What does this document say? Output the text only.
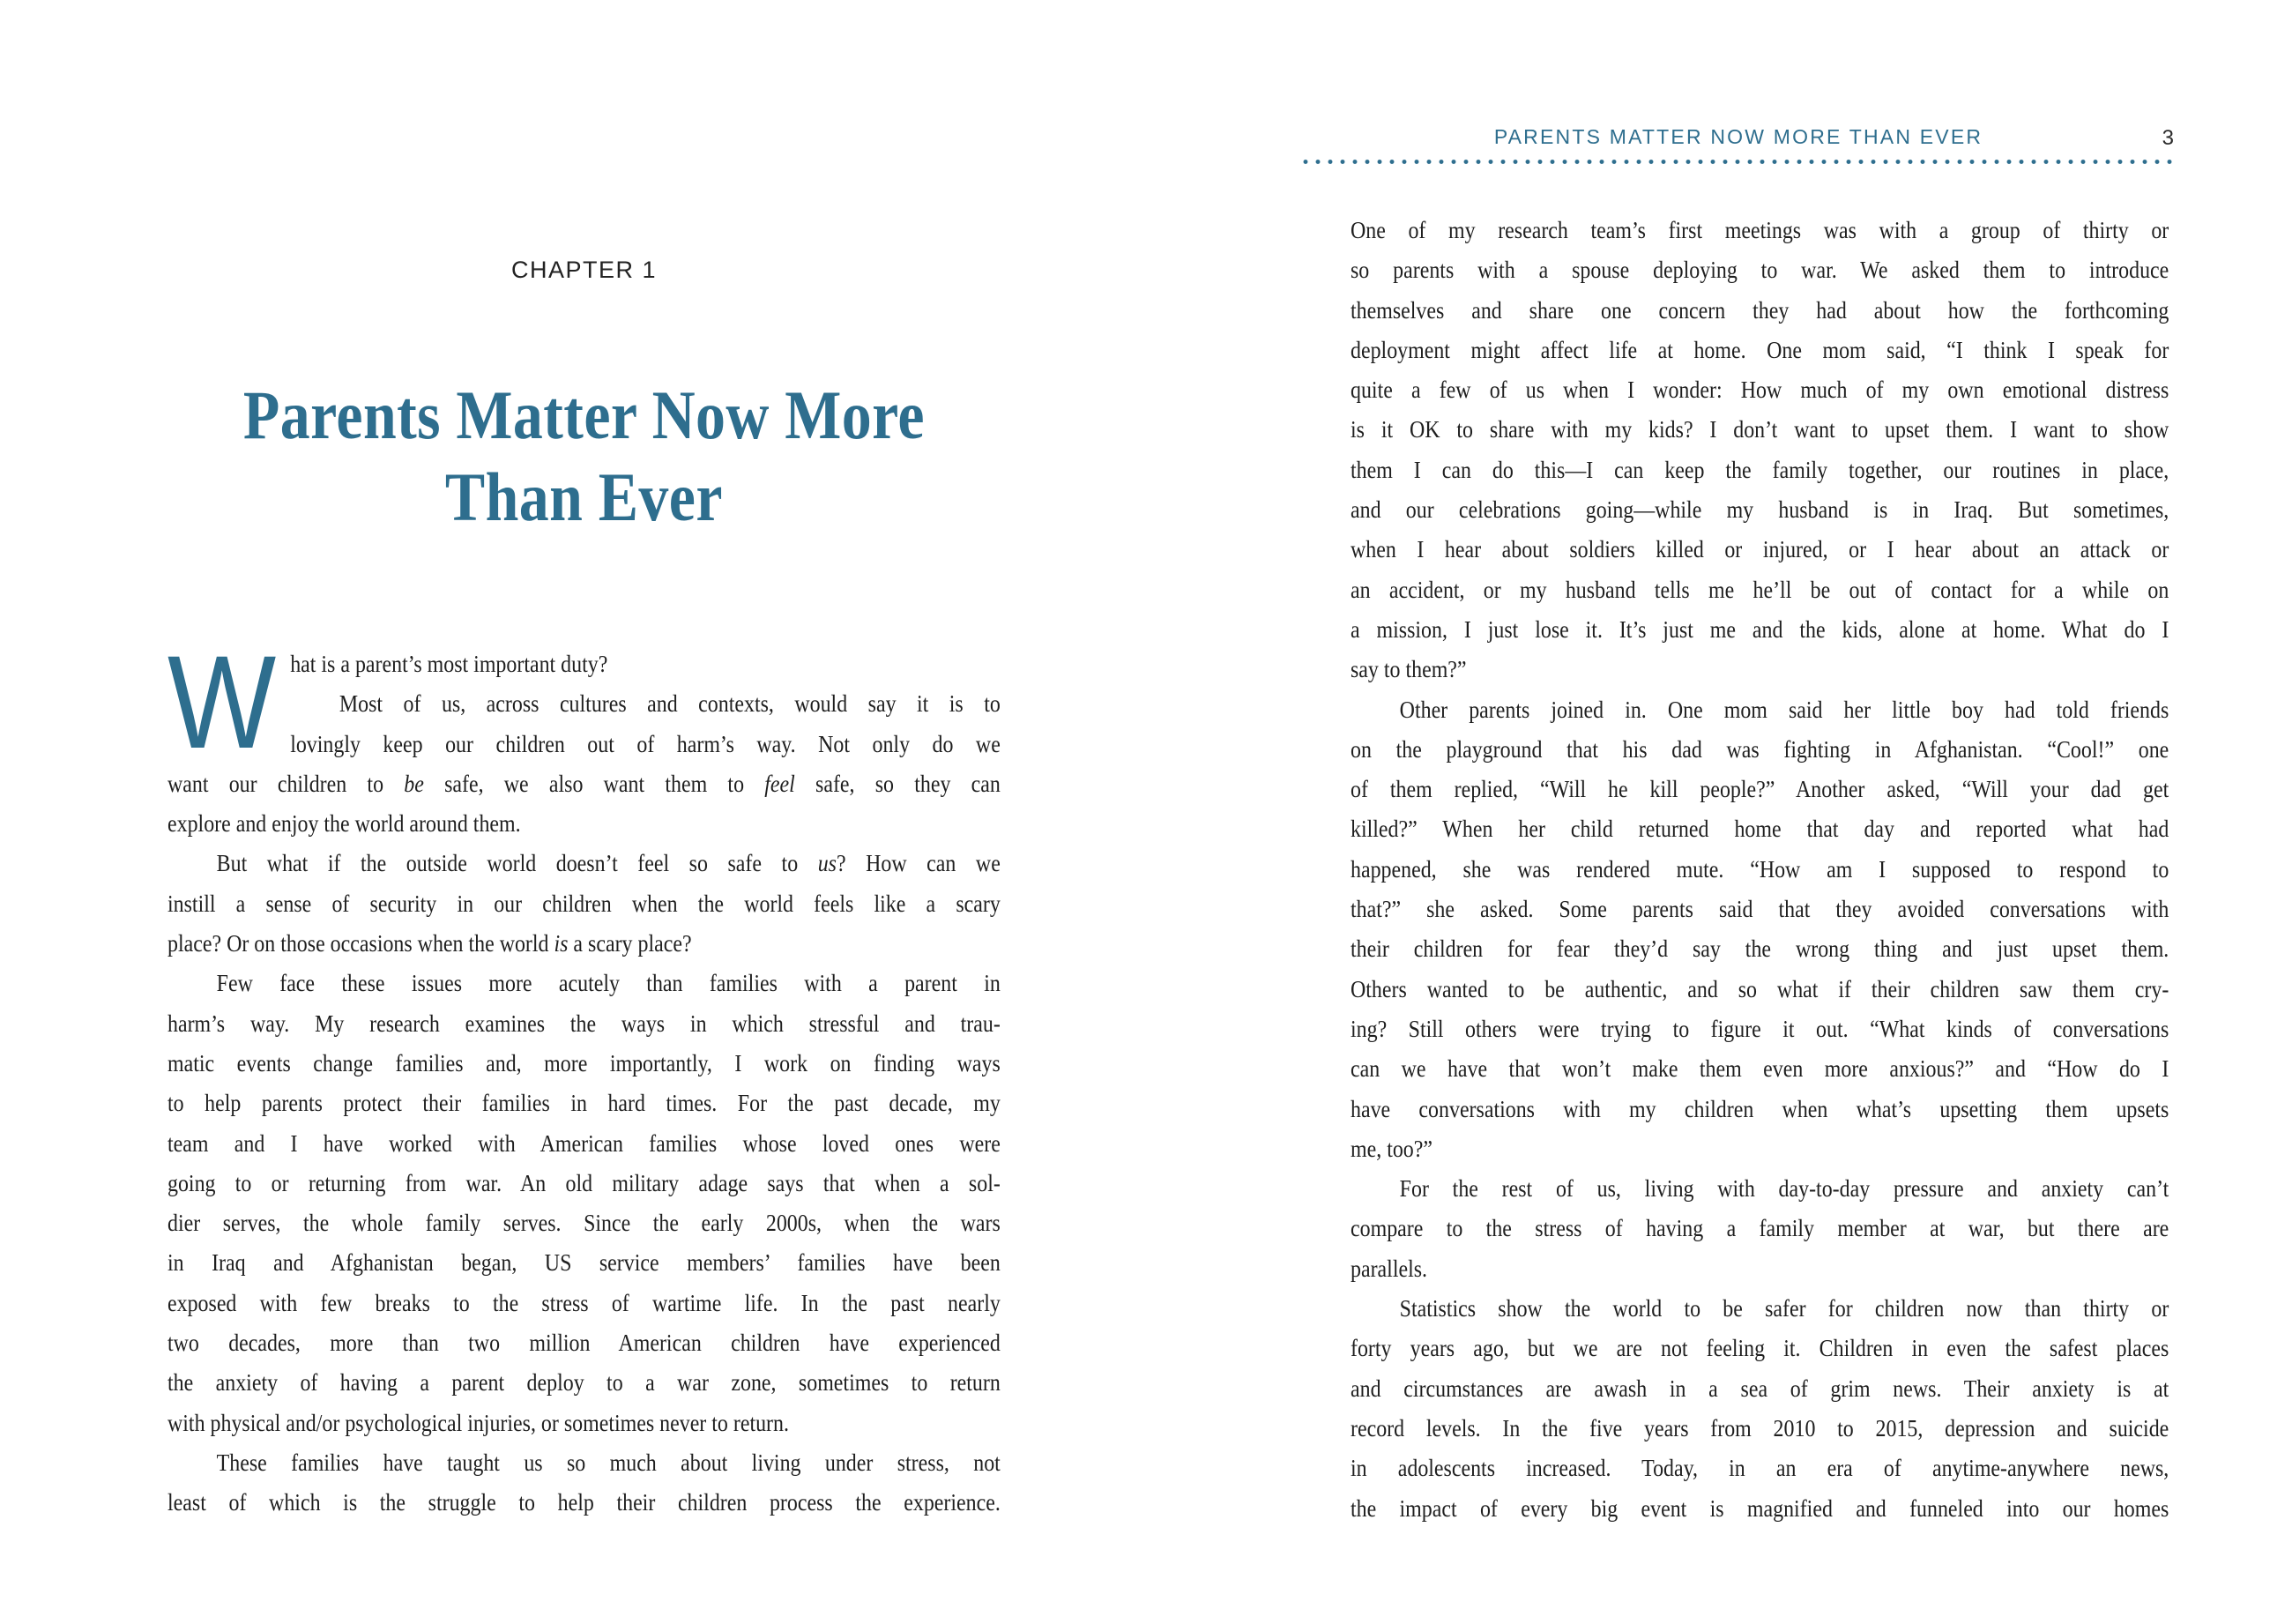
CHAPTER 1
Parents Matter Now More
Than Ever
W hat is a parent’s most important duty?
Most of us, across cultures and contexts, would say it is to
lovingly keep our children out of harm’s way. Not only do we
want our children to be safe, we also want them to feel safe, so they can
explore and enjoy the world around them.
But what if the outside world doesn’t feel so safe to us? How can we
instill a sense of security in our children when the world feels like a scary
place? Or on those occasions when the world is a scary place?
Few face these issues more acutely than families with a parent in
harm’s way. My research examines the ways in which stressful and trau-
matic events change families and, more importantly, I work on finding ways
to help parents protect their families in hard times. For the past decade, my
team and I have worked with American families whose loved ones were
going to or returning from war. An old military adage says that when a sol-
dier serves, the whole family serves. Since the early 2000s, when the wars
in Iraq and Afghanistan began, US service members’ families have been
exposed with few breaks to the stress of wartime life. In the past nearly
two decades, more than two million American children have experienced
the anxiety of having a parent deploy to a war zone, sometimes to return
with physical and/or psychological injuries, or sometimes never to return.
These families have taught us so much about living under stress, not
least of which is the struggle to help their children process the experience.
PARENTS MATTER NOW MORE THAN EVER	3
One of my research team’s first meetings was with a group of thirty or
so parents with a spouse deploying to war. We asked them to introduce
themselves and share one concern they had about how the forthcoming
deployment might affect life at home. One mom said, “I think I speak for
quite a few of us when I wonder: How much of my own emotional distress
is it OK to share with my kids? I don’t want to upset them. I want to show
them I can do this—I can keep the family together, our routines in place,
and our celebrations going—while my husband is in Iraq. But sometimes,
when I hear about soldiers killed or injured, or I hear about an attack or
an accident, or my husband tells me he’ll be out of contact for a while on
a mission, I just lose it. It’s just me and the kids, alone at home. What do I
say to them?”
Other parents joined in. One mom said her little boy had told friends
on the playground that his dad was fighting in Afghanistan. “Cool!” one
of them replied, “Will he kill people?” Another asked, “Will your dad get
killed?” When her child returned home that day and reported what had
happened, she was rendered mute. “How am I supposed to respond to
that?” she asked. Some parents said that they avoided conversations with
their children for fear they’d say the wrong thing and just upset them.
Others wanted to be authentic, and so what if their children saw them cry-
ing? Still others were trying to figure it out. “What kinds of conversations
can we have that won’t make them even more anxious?” and “How do I
have conversations with my children when what’s upsetting them upsets
me, too?”
For the rest of us, living with day-to-day pressure and anxiety can’t
compare to the stress of having a family member at war, but there are
parallels.
Statistics show the world to be safer for children now than thirty or
forty years ago, but we are not feeling it. Children in even the safest places
and circumstances are awash in a sea of grim news. Their anxiety is at
record levels. In the five years from 2010 to 2015, depression and suicide
in adolescents increased. Today, in an era of anytime-anywhere news,
the impact of every big event is magnified and funneled into our homes
